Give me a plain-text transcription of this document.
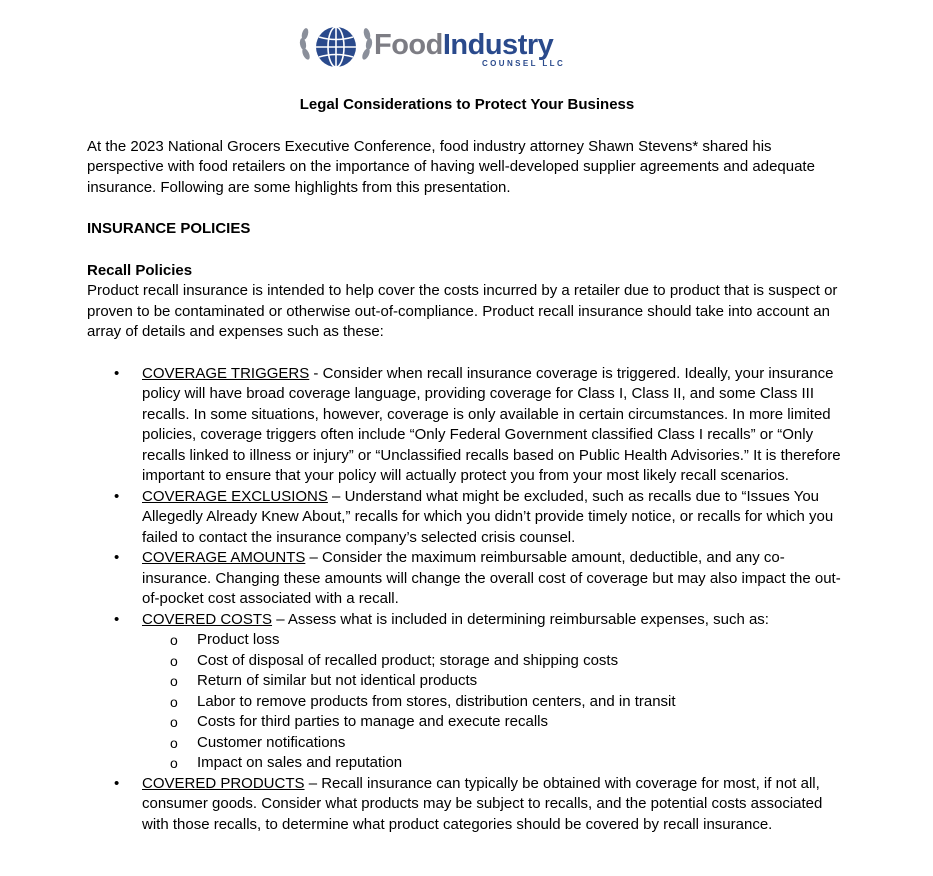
FoodIndustry
COUNSEL LLC

Legal Considerations to Protect Your Business

At the 2023 National Grocers Executive Conference, food industry attorney Shawn Stevens* shared his perspective with food retailers on the importance of having well-developed supplier agreements and adequate insurance. Following are some highlights from this presentation.

INSURANCE POLICIES

Recall Policies

Product recall insurance is intended to help cover the costs incurred by a retailer due to product that is suspect or proven to be contaminated or otherwise out-of-compliance. Product recall insurance should take into account an array of details and expenses such as these:

• COVERAGE TRIGGERS - Consider when recall insurance coverage is triggered. Ideally, your insurance policy will have broad coverage language, providing coverage for Class I, Class II, and some Class III recalls. In some situations, however, coverage is only available in certain circumstances. In more limited policies, coverage triggers often include “Only Federal Government classified Class I recalls” or “Only recalls linked to illness or injury” or “Unclassified recalls based on Public Health Advisories.” It is therefore important to ensure that your policy will actually protect you from your most likely recall scenarios.
• COVERAGE EXCLUSIONS – Understand what might be excluded, such as recalls due to “Issues You Allegedly Already Knew About,” recalls for which you didn’t provide timely notice, or recalls for which you failed to contact the insurance company’s selected crisis counsel.
• COVERAGE AMOUNTS – Consider the maximum reimbursable amount, deductible, and any co-insurance. Changing these amounts will change the overall cost of coverage but may also impact the out-of-pocket cost associated with a recall.
• COVERED COSTS – Assess what is included in determining reimbursable expenses, such as:
o Product loss
o Cost of disposal of recalled product; storage and shipping costs
o Return of similar but not identical products
o Labor to remove products from stores, distribution centers, and in transit
o Costs for third parties to manage and execute recalls
o Customer notifications
o Impact on sales and reputation
• COVERED PRODUCTS – Recall insurance can typically be obtained with coverage for most, if not all, consumer goods. Consider what products may be subject to recalls, and the potential costs associated with those recalls, to determine what product categories should be covered by recall insurance.
